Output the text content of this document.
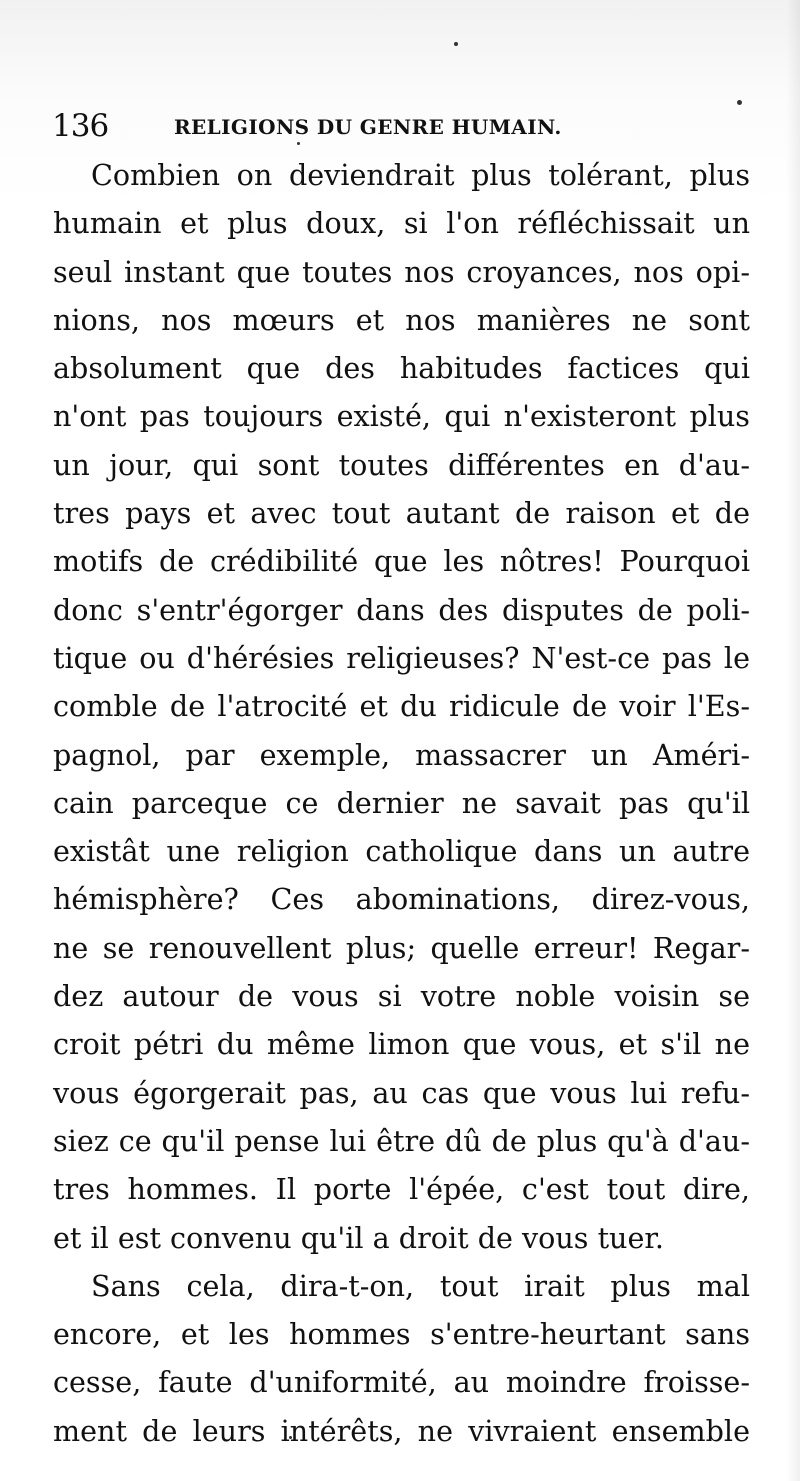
136	RELIGIONS DU GENRE HUMAIN.
Combien on deviendrait plus tolérant, plus
humain et plus doux, si l'on réfléchissait un
seul instant que toutes nos croyances, nos opi-
nions, nos mœurs et nos manières ne sont
absolument que des habitudes factices qui
n'ont pas toujours existé, qui n'existeront plus
un jour, qui sont toutes différentes en d'au-
tres pays et avec tout autant de raison et de
motifs de crédibilité que les nôtres! Pourquoi
donc s'entr'égorger dans des disputes de poli-
tique ou d'hérésies religieuses? N'est-ce pas le
comble de l'atrocité et du ridicule de voir l'Es-
pagnol, par exemple, massacrer un Améri-
cain parceque ce dernier ne savait pas qu'il
existât une religion catholique dans un autre
hémisphère? Ces abominations, direz-vous,
ne se renouvellent plus; quelle erreur! Regar-
dez autour de vous si votre noble voisin se
croit pétri du même limon que vous, et s'il ne
vous égorgerait pas, au cas que vous lui refu-
siez ce qu'il pense lui être dû de plus qu'à d'au-
tres hommes. Il porte l'épée, c'est tout dire,
et il est convenu qu'il a droit de vous tuer.
Sans cela, dira-t-on, tout irait plus mal
encore, et les hommes s'entre-heurtant sans
cesse, faute d'uniformité, au moindre froisse-
ment de leurs intérêts, ne vivraient ensemble
